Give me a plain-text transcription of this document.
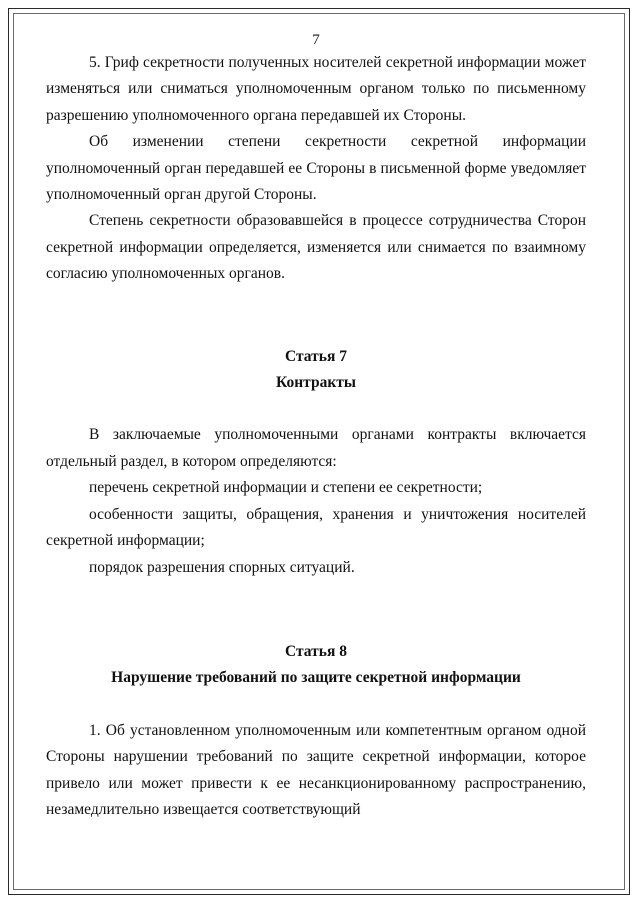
7

5. Гриф секретности полученных носителей секретной информации может изменяться или сниматься уполномоченным органом только по письменному разрешению уполномоченного органа передавшей их Стороны.

Об изменении степени секретности секретной информации уполномоченный орган передавшей ее Стороны в письменной форме уведомляет уполномоченный орган другой Стороны.

Степень секретности образовавшейся в процессе сотрудничества Сторон секретной информации определяется, изменяется или снимается по взаимному согласию уполномоченных органов.

Статья 7

Контракты

В заключаемые уполномоченными органами контракты включается отдельный раздел, в котором определяются:

перечень секретной информации и степени ее секретности;

особенности защиты, обращения, хранения и уничтожения носителей секретной информации;

порядок разрешения спорных ситуаций.

Статья 8

Нарушение требований по защите секретной информации

1. Об установленном уполномоченным или компетентным органом одной Стороны нарушении требований по защите секретной информации, которое привело или может привести к ее несанкционированному распространению, незамедлительно извещается соответствующий
